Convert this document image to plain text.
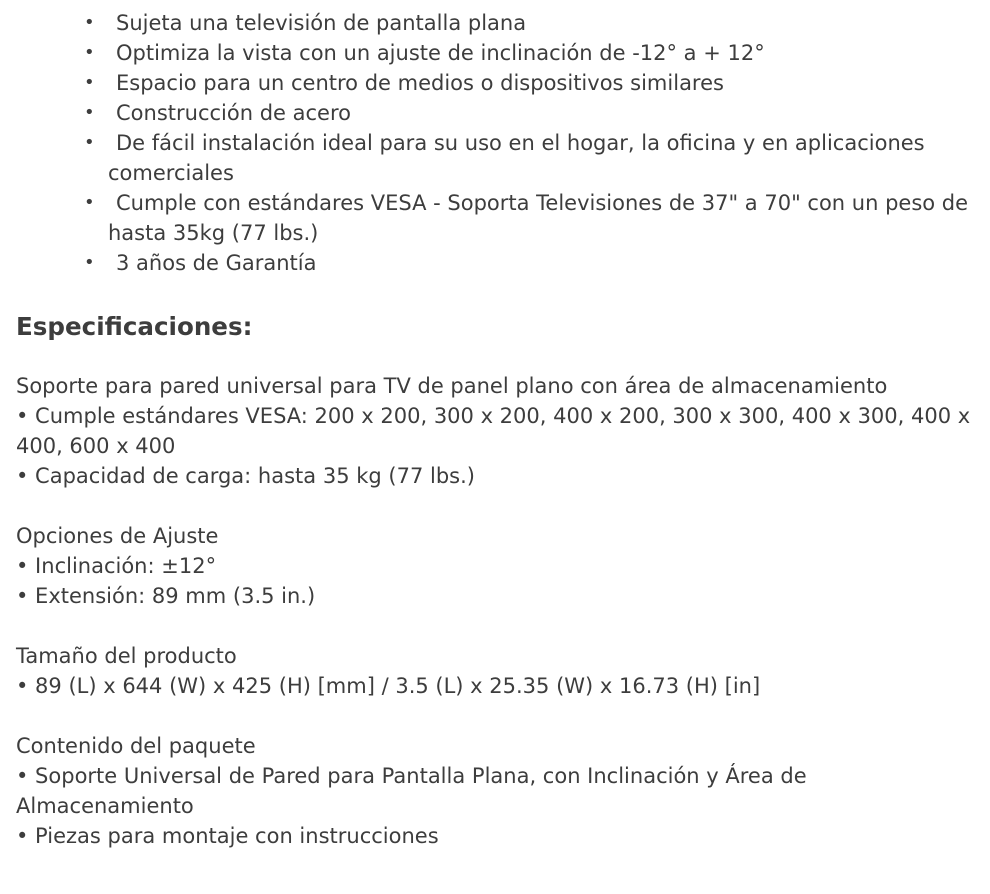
• Sujeta una televisión de pantalla plana
• Optimiza la vista con un ajuste de inclinación de -12° a + 12°
• Espacio para un centro de medios o dispositivos similares
• Construcción de acero
• De fácil instalación ideal para su uso en el hogar, la oficina y en aplicaciones comerciales
• Cumple con estándares VESA - Soporta Televisiones de 37" a 70" con un peso de hasta 35kg (77 lbs.)
• 3 años de Garantía
Especificaciones:
Soporte para pared universal para TV de panel plano con área de almacenamiento
• Cumple estándares VESA: 200 x 200, 300 x 200, 400 x 200, 300 x 300, 400 x 300, 400 x 400, 600 x 400
• Capacidad de carga: hasta 35 kg (77 lbs.)
Opciones de Ajuste
• Inclinación: ±12°
• Extensión: 89 mm (3.5 in.)
Tamaño del producto
• 89 (L) x 644 (W) x 425 (H) [mm] / 3.5 (L) x 25.35 (W) x 16.73 (H) [in]
Contenido del paquete
• Soporte Universal de Pared para Pantalla Plana, con Inclinación y Área de Almacenamiento
• Piezas para montaje con instrucciones
